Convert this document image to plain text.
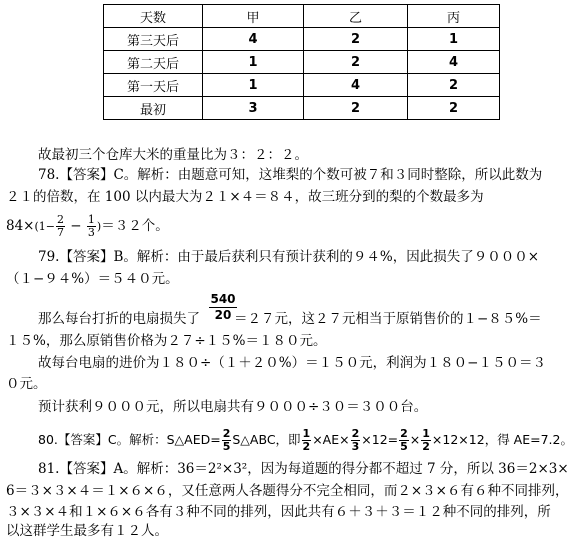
天数	甲	乙	丙
第三天后	4	2	1
第二天后	1	2	4
第一天后	1	4	2
最初	3	2	2
故最初三个仓库大米的重量比为３：２：２。
78.【答案】C。解析：由题意可知，这堆梨的个数可被７和３同时整除，所以此数为
２１的倍数，在 100 以内最大为２１×４＝８４，故三班分到的梨的个数最多为
$84\times(1- \frac{2}{7} - \frac{1}{3} )=32$个。
79.【答案】B。解析：由于最后获利只有预计获利的９４%，因此损失了９０００×
（１−９４%）＝５４０元。
$\frac{540}{20}$
那么每台打折的电扇损失了	＝２７元，这２７元相当于原销售价的１−８５%＝
１５%，那么原销售价格为２７÷１５%＝１８０元。
故每台电扇的进价为１８０÷（１＋２０%）＝１５０元，利润为１８０−１５０＝３
０元。
预计获利９０００元，所以电扇共有９０００÷３０＝３００台。
80.【答案】C。解析：S△AED= $\frac{2}{5}$ S△ABC，即 $\frac{1}{2} \times AE\times \frac{2}{3} \times 12= \frac{2}{5} \times \frac{1}{2} \times 12\times 12$，得 AE=7.2。
81.【答案】A。解析：36＝2²×3²，因为每道题的得分都不超过 7 分，所以 36＝2×3×
6＝３×３×４＝１×６×６，又任意两人各题得分不完全相同，而２×３×６有６种不同排列，
３×３×４和１×６×６各有３种不同的排列，因此共有６＋３＋３＝１２种不同的排列，所
以这群学生最多有１２人。
